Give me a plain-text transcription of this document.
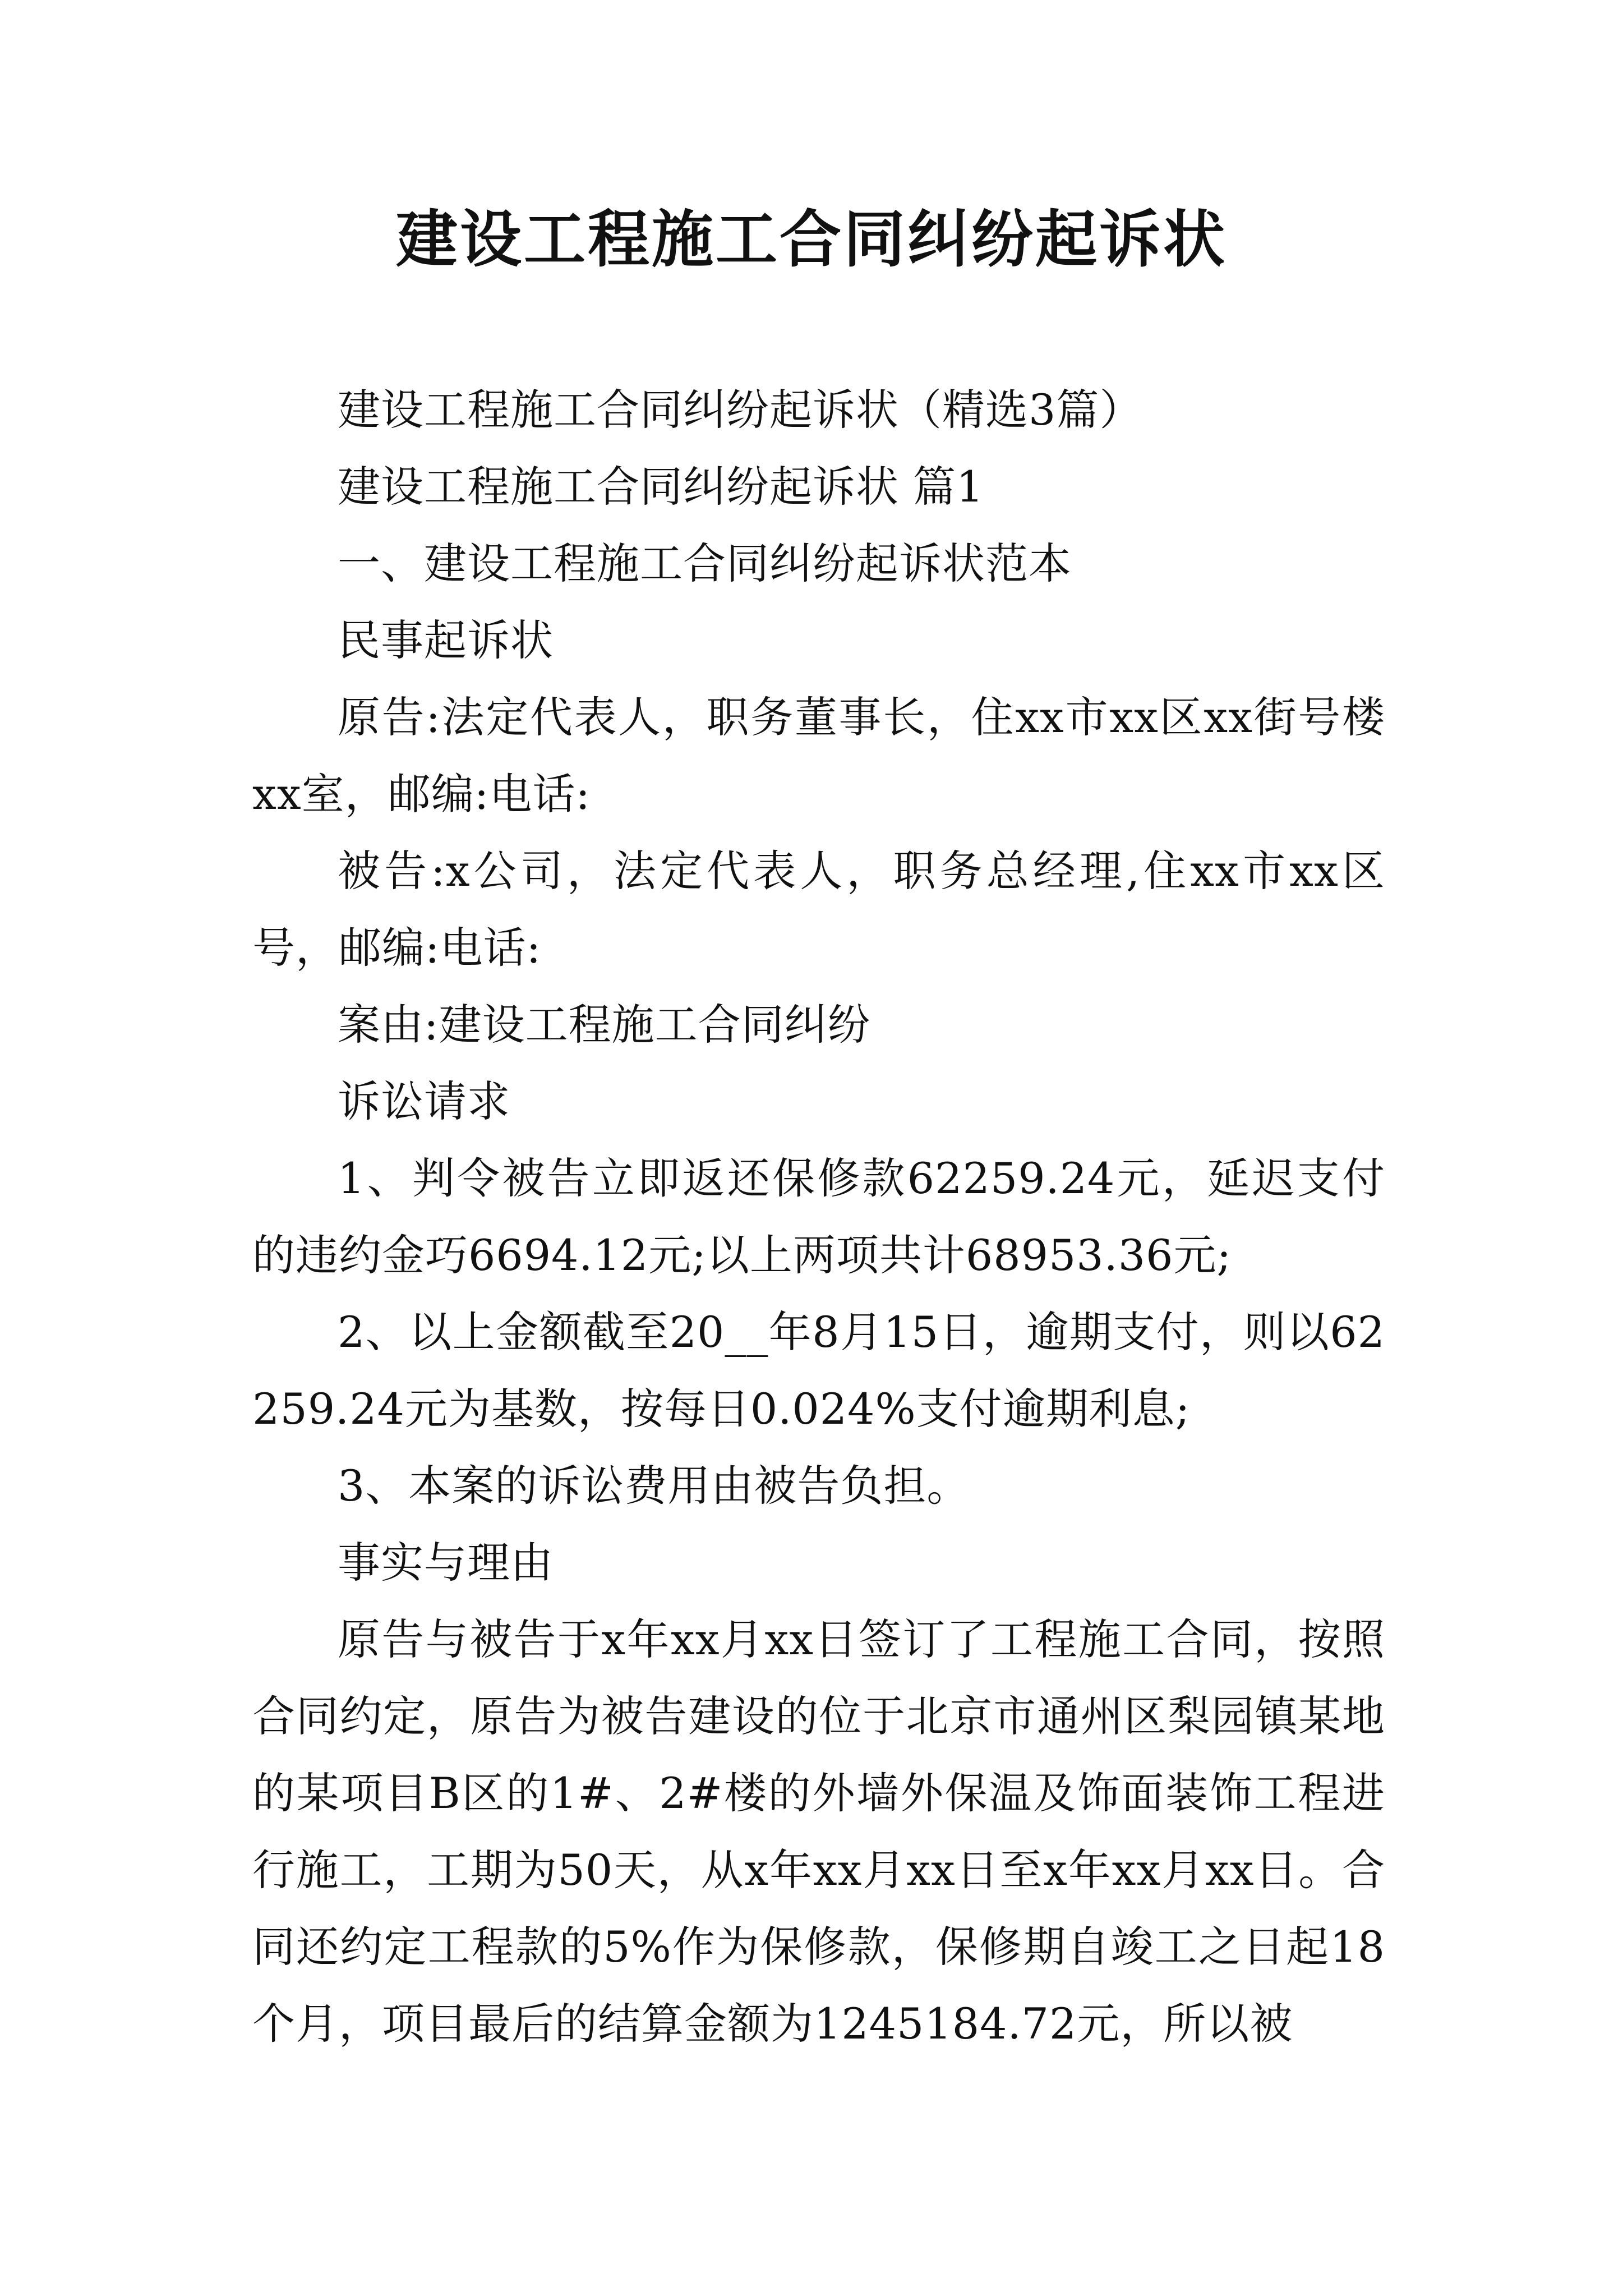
建设工程施工合同纠纷起诉状

建设工程施工合同纠纷起诉状（精选3篇）

建设工程施工合同纠纷起诉状 篇1

一、建设工程施工合同纠纷起诉状范本

民事起诉状

原告:法定代表人，职务董事长，住xx市xx区xx街号楼xx室，邮编:电话:

被告:x公司，法定代表人，职务总经理,住xx市xx区号，邮编:电话:

案由:建设工程施工合同纠纷

诉讼请求

1、判令被告立即返还保修款62259.24元，延迟支付的违约金巧6694.12元;以上两项共计68953.36元;

2、以上金额截至20__年8月15日，逾期支付，则以62259.24元为基数，按每日0.024%支付逾期利息;

3、本案的诉讼费用由被告负担。

事实与理由

原告与被告于x年xx月xx日签订了工程施工合同，按照合同约定，原告为被告建设的位于北京市通州区梨园镇某地的某项目B区的1#、2#楼的外墙外保温及饰面装饰工程进行施工，工期为50天，从x年xx月xx日至x年xx月xx日。合同还约定工程款的5%作为保修款，保修期自竣工之日起18个月，项目最后的结算金额为1245184.72元，所以被
